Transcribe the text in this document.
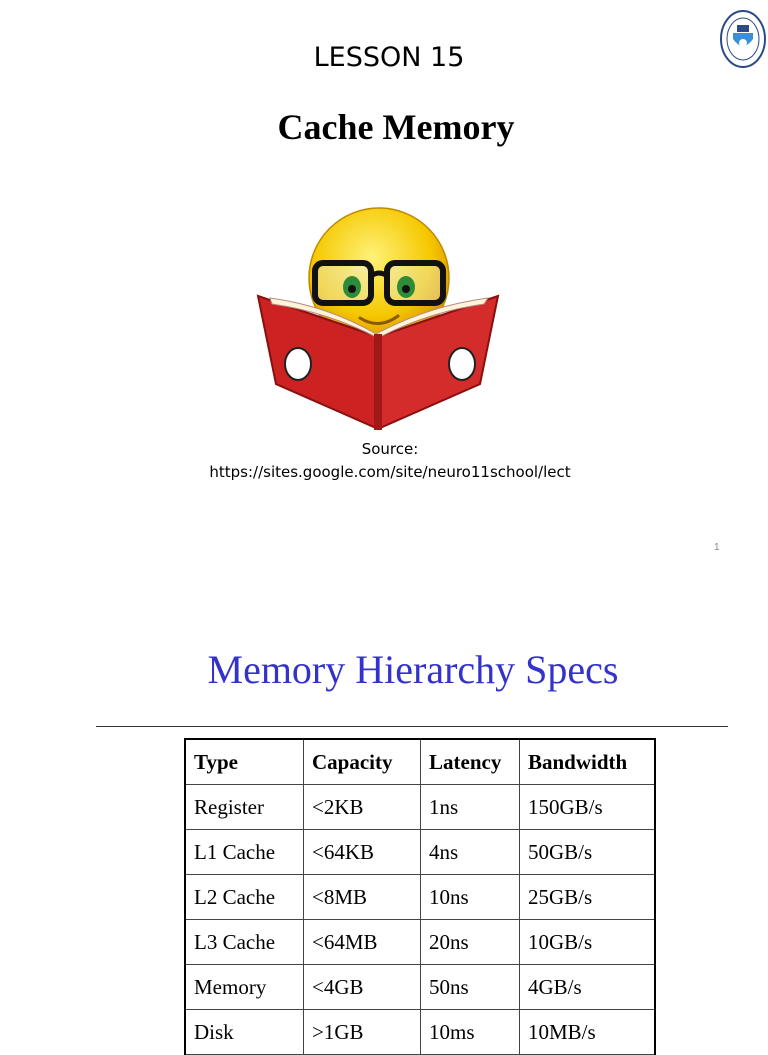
LESSON 15
Cache Memory
Source:
https://sites.google.com/site/neuro11school/lect
1
Memory Hierarchy Specs
Type	Capacity	Latency	Bandwidth
Register	<2KB	1ns	150GB/s
L1 Cache	<64KB	4ns	50GB/s
L2 Cache	<8MB	10ns	25GB/s
L3 Cache	<64MB	20ns	10GB/s
Memory	<4GB	50ns	4GB/s
Disk	>1GB	10ms	10MB/s
